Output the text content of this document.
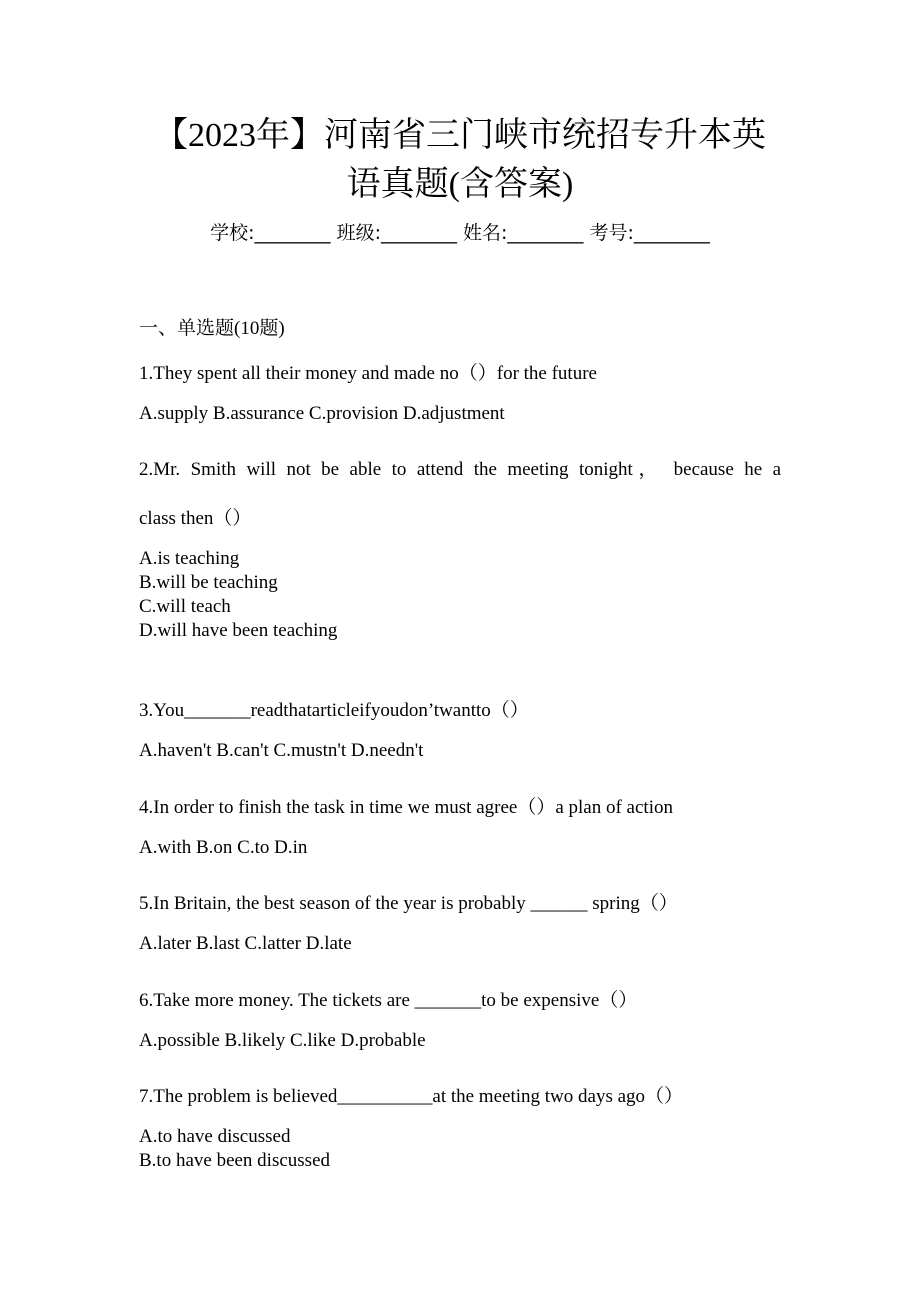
【2023年】河南省三门峡市统招专升本英
语真题(含答案)
学校:________ 班级:________ 姓名:________ 考号:________
一、单选题(10题)
1.They spent all their money and made no（）for the future
A.supply B.assurance C.provision D.adjustment
2.Mr. Smith will not be able to attend the meeting tonight， because he a
class then（）
A.is teaching
B.will be teaching
C.will teach
D.will have been teaching
3.You_______readthatarticleifyoudon’twantto（）
A.haven't B.can't C.mustn't D.needn't
4.In order to finish the task in time we must agree（）a plan of action
A.with B.on C.to D.in
5.In Britain, the best season of the year is probably ______ spring（）
A.later B.last C.latter D.late
6.Take more money. The tickets are _______to be expensive（）
A.possible B.likely C.like D.probable
7.The problem is believed__________at the meeting two days ago（）
A.to have discussed
B.to have been discussed
